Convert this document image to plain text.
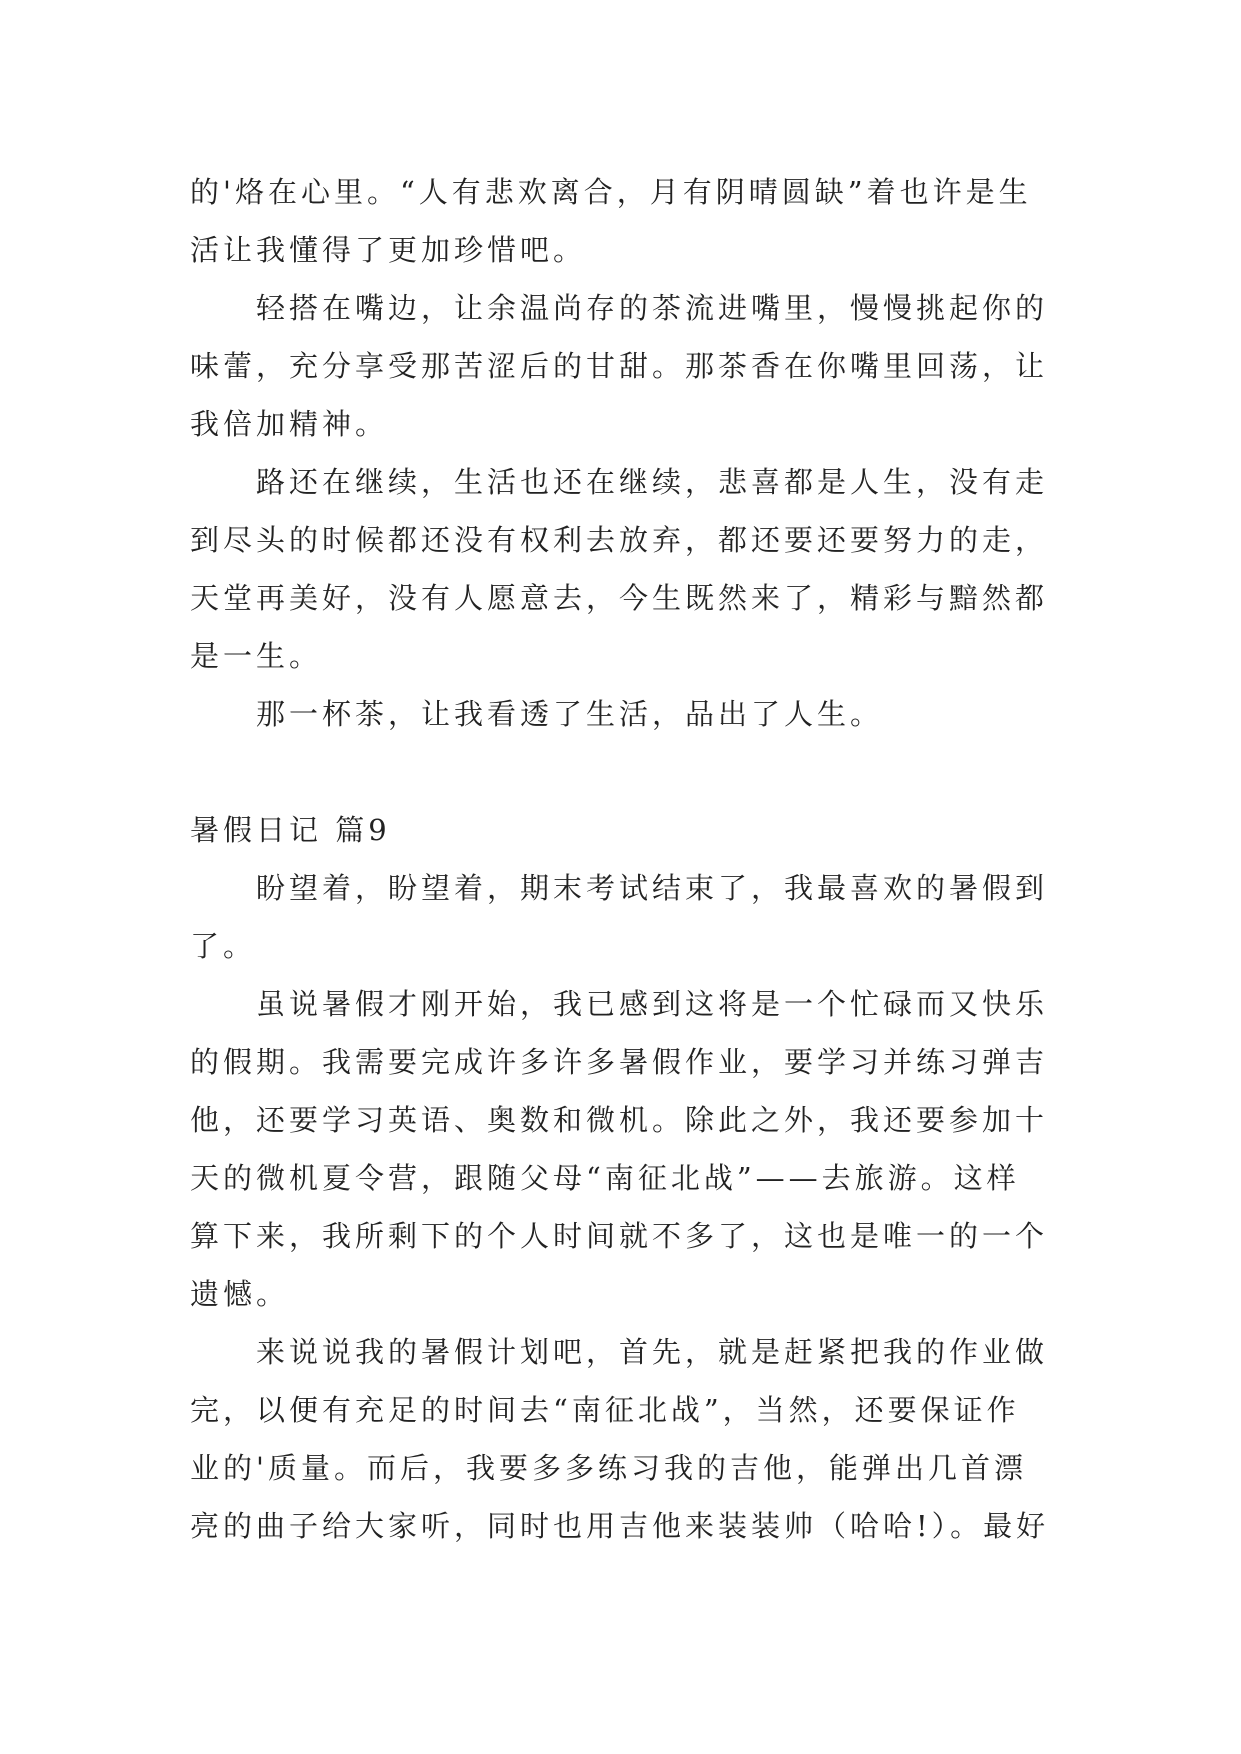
的'烙在心里。“人有悲欢离合，月有阴晴圆缺”着也许是生

活让我懂得了更加珍惜吧。

　　轻搭在嘴边，让余温尚存的茶流进嘴里，慢慢挑起你的

味蕾，充分享受那苦涩后的甘甜。那茶香在你嘴里回荡，让

我倍加精神。

　　路还在继续，生活也还在继续，悲喜都是人生，没有走

到尽头的时候都还没有权利去放弃，都还要还要努力的走，

天堂再美好，没有人愿意去，今生既然来了，精彩与黯然都

是一生。

　　那一杯茶，让我看透了生活，品出了人生。

暑假日记 篇9

　　盼望着，盼望着，期末考试结束了，我最喜欢的暑假到

了。

　　虽说暑假才刚开始，我已感到这将是一个忙碌而又快乐

的假期。我需要完成许多许多暑假作业，要学习并练习弹吉

他，还要学习英语、奥数和微机。除此之外，我还要参加十

天的微机夏令营，跟随父母“南征北战”——去旅游。这样

算下来，我所剩下的个人时间就不多了，这也是唯一的一个

遗憾。

　　来说说我的暑假计划吧，首先，就是赶紧把我的作业做

完，以便有充足的时间去“南征北战”，当然，还要保证作

业的'质量。而后，我要多多练习我的吉他，能弹出几首漂

亮的曲子给大家听，同时也用吉他来装装帅（哈哈!）。最好
